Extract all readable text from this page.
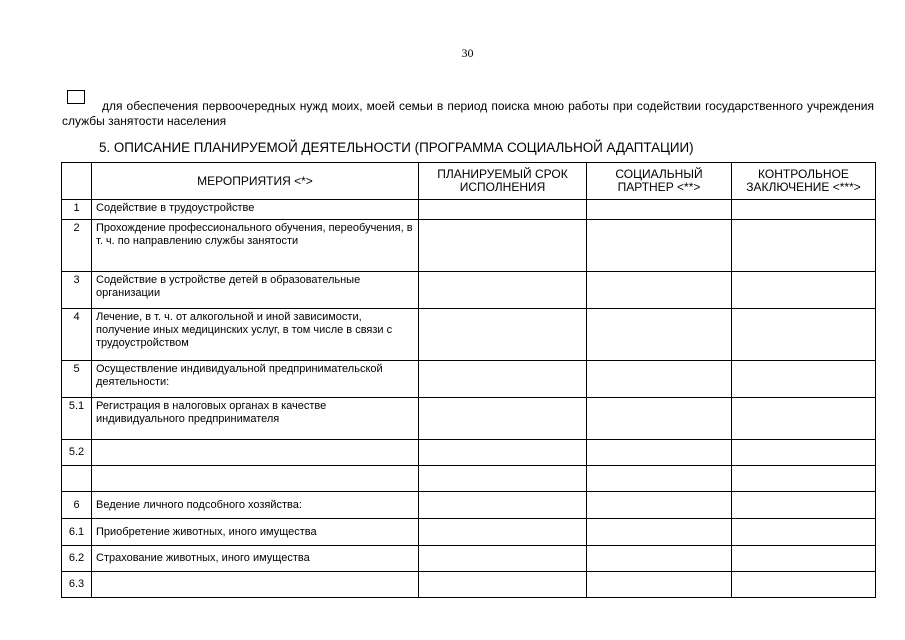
30
для обеспечения первоочередных нужд моих, моей семьи в период поиска мною работы при содействии государственного учреждения службы занятости населения
5. ОПИСАНИЕ ПЛАНИРУЕМОЙ ДЕЯТЕЛЬНОСТИ (ПРОГРАММА СОЦИАЛЬНОЙ АДАПТАЦИИ)
	МЕРОПРИЯТИЯ <*>	ПЛАНИРУЕМЫЙ СРОК ИСПОЛНЕНИЯ	СОЦИАЛЬНЫЙ ПАРТНЕР <**>	КОНТРОЛЬНОЕ ЗАКЛЮЧЕНИЕ <***>
1	Содействие в трудоустройстве			
2	Прохождение профессионального обучения, переобучения, в т. ч. по направлению службы занятости			
3	Содействие в устройстве детей в образовательные организации			
4	Лечение, в т. ч. от алкогольной и иной зависимости, получение иных медицинских услуг, в том числе в связи с трудоустройством			
5	Осуществление индивидуальной предпринимательской деятельности:			
5.1	Регистрация в налоговых органах в качестве индивидуального предпринимателя			
5.2				

6	Ведение личного подсобного хозяйства:			
6.1	Приобретение животных, иного имущества			
6.2	Страхование животных, иного имущества			
6.3				
